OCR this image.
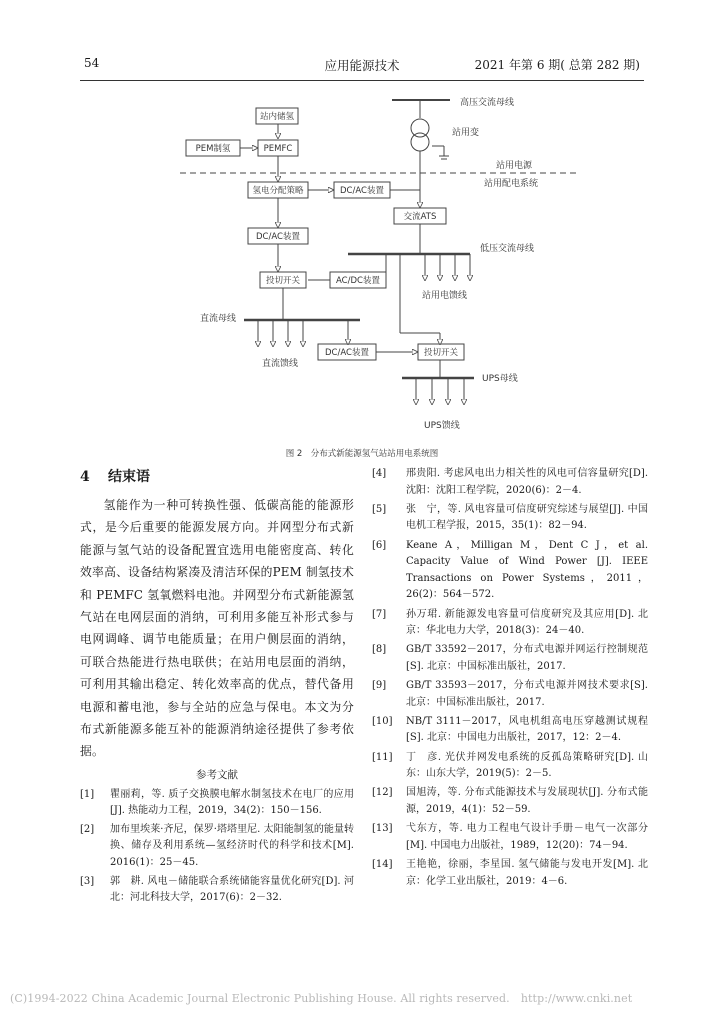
54	应用能源技术	2021 年第 6 期( 总第 282 期)
站内储氢
PEM制氢	PEMFC
氢电分配策略	DC/AC装置
交流ATS
DC/AC装置
投切开关	AC/DC装置
DC/AC装置	投切开关
高压交流母线
站用变
站用电源
站用配电系统
低压交流母线
站用电馈线
直流母线
直流馈线
UPS母线
UPS馈线
图 2　分布式新能源氢气站站用电系统图
4 结束语

氢能作为一种可转换性强、低碳高能的能源形式，是今后重要的能源发展方向。并网型分布式新能源与氢气站的设备配置宜选用电能密度高、转化效率高、设备结构紧凑及清洁环保的PEM 制氢技术和 PEMFC 氢氧燃料电池。并网型分布式新能源氢气站在电网层面的消纳，可利用多能互补形式参与电网调峰、调节电能质量；在用户侧层面的消纳，可联合热能进行热电联供；在站用电层面的消纳，可利用其输出稳定、转化效率高的优点，替代备用电源和蓄电池，参与全站的应急与保电。本文为分布式新能源多能互补的能源消纳途径提供了参考依据。

参考文献
[1]	瞿丽莉，等. 质子交换膜电解水制氢技术在电厂的应用[J]. 热能动力工程，2019，34(2)：150－156.
[2]	加布里埃莱·齐尼，保罗·塔塔里尼. 太阳能制氢的能量转换、储存及利用系统—氢经济时代的科学和技术[M]. 2016(1)：25－45.
[3]	郭　耕. 风电－储能联合系统储能容量优化研究[D]. 河北：河北科技大学，2017(6)：2－32.
[4]	邢贵阳. 考虑风电出力相关性的风电可信容量研究[D]. 沈阳：沈阳工程学院，2020(6)：2－4.
[5]	张　宁，等. 风电容量可信度研究综述与展望[J]. 中国电机工程学报，2015，35(1)：82－94.
[6]	Keane A，Milligan M，Dent C J，et al. Capacity Value of Wind Power [J]. IEEE Transactions on Power Systems，2011，26(2)：564－572.
[7]	孙万珺. 新能源发电容量可信度研究及其应用[D]. 北京：华北电力大学，2018(3)：24－40.
[8]	GB/T 33592－2017，分布式电源并网运行控制规范[S]. 北京：中国标准出版社，2017.
[9]	GB/T 33593－2017，分布式电源并网技术要求[S]. 北京：中国标准出版社，2017.
[10]	NB/T 3111－2017，风电机组高电压穿越测试规程[S]. 北京：中国电力出版社，2017，12：2－4.
[11]	丁　彦. 光伏并网发电系统的反孤岛策略研究[D]. 山东：山东大学，2019(5)：2－5.
[12]	国旭涛，等. 分布式能源技术与发展现状[J]. 分布式能源，2019，4(1)：52－59.
[13]	弋东方，等. 电力工程电气设计手册－电气一次部分[M]. 中国电力出版社，1989，12(20)：74－94.
[14]	王艳艳，徐丽，李星国. 氢气储能与发电开发[M]. 北京：化学工业出版社，2019：4－6.
(C)1994-2022 China Academic Journal Electronic Publishing House. All rights reserved.　http://www.cnki.net
